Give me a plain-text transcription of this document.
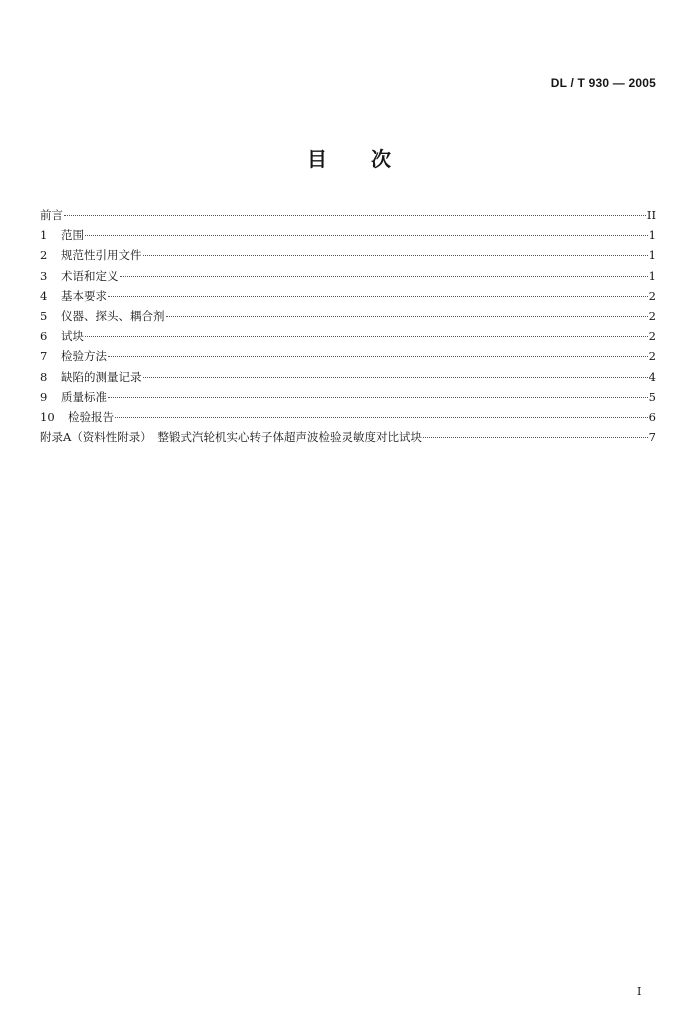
DL / T 930 — 2005
目次
前言	II
1	范围	1
2	规范性引用文件	1
3	术语和定义	1
4	基本要求	2
5	仪器、探头、耦合剂	2
6	试块	2
7	检验方法	2
8	缺陷的测量记录	4
9	质量标准	5
10	检验报告	6
附录A（资料性附录）　整锻式汽轮机实心转子体超声波检验灵敏度对比试块	7
I
